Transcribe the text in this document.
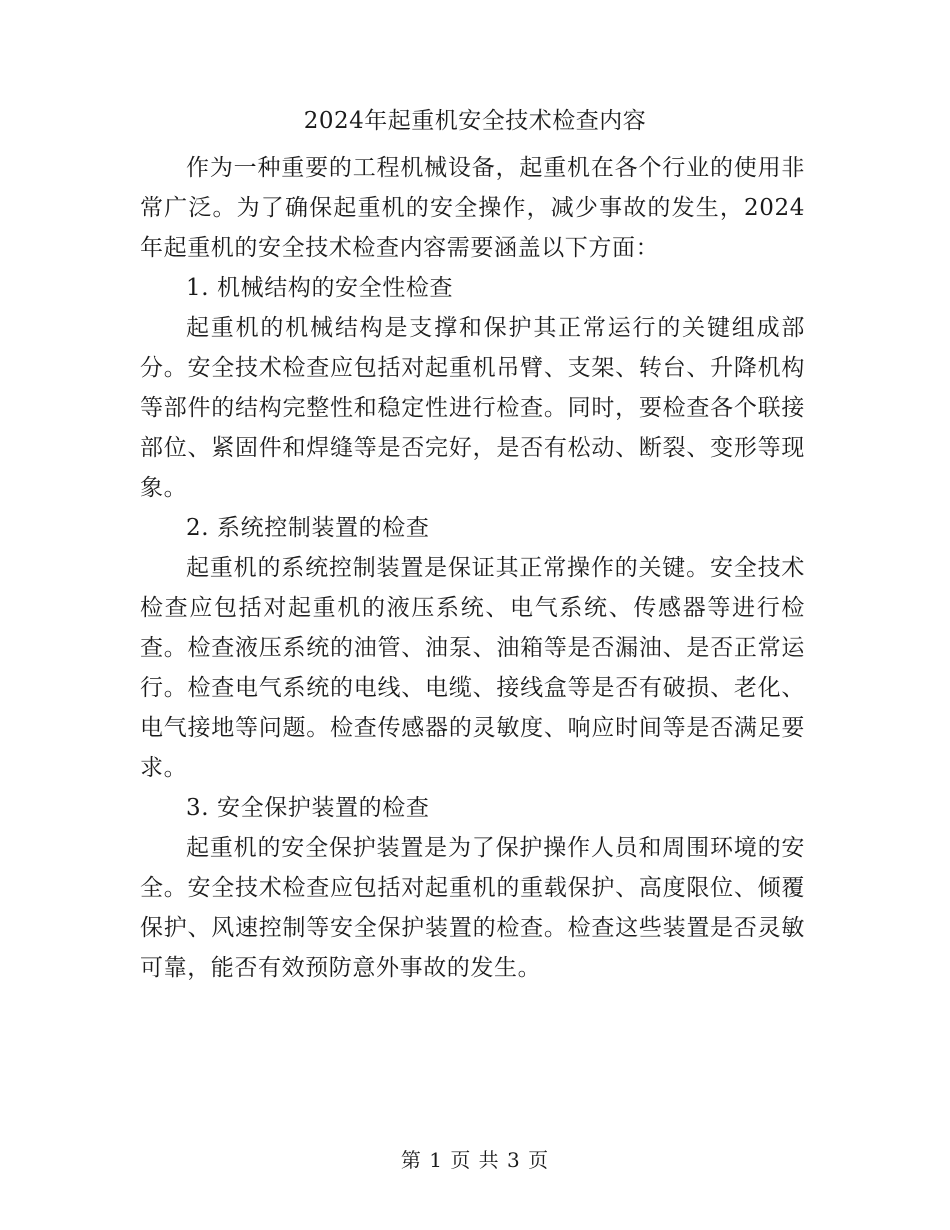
2024年起重机安全技术检查内容

作为一种重要的工程机械设备，起重机在各个行业的使用非常广泛。为了确保起重机的安全操作，减少事故的发生，2024年起重机的安全技术检查内容需要涵盖以下方面：

1. 机械结构的安全性检查

起重机的机械结构是支撑和保护其正常运行的关键组成部分。安全技术检查应包括对起重机吊臂、支架、转台、升降机构等部件的结构完整性和稳定性进行检查。同时，要检查各个联接部位、紧固件和焊缝等是否完好，是否有松动、断裂、变形等现象。

2. 系统控制装置的检查

起重机的系统控制装置是保证其正常操作的关键。安全技术检查应包括对起重机的液压系统、电气系统、传感器等进行检查。检查液压系统的油管、油泵、油箱等是否漏油、是否正常运行。检查电气系统的电线、电缆、接线盒等是否有破损、老化、电气接地等问题。检查传感器的灵敏度、响应时间等是否满足要求。

3. 安全保护装置的检查

起重机的安全保护装置是为了保护操作人员和周围环境的安全。安全技术检查应包括对起重机的重载保护、高度限位、倾覆保护、风速控制等安全保护装置的检查。检查这些装置是否灵敏可靠，能否有效预防意外事故的发生。

第 1 页 共 3 页
